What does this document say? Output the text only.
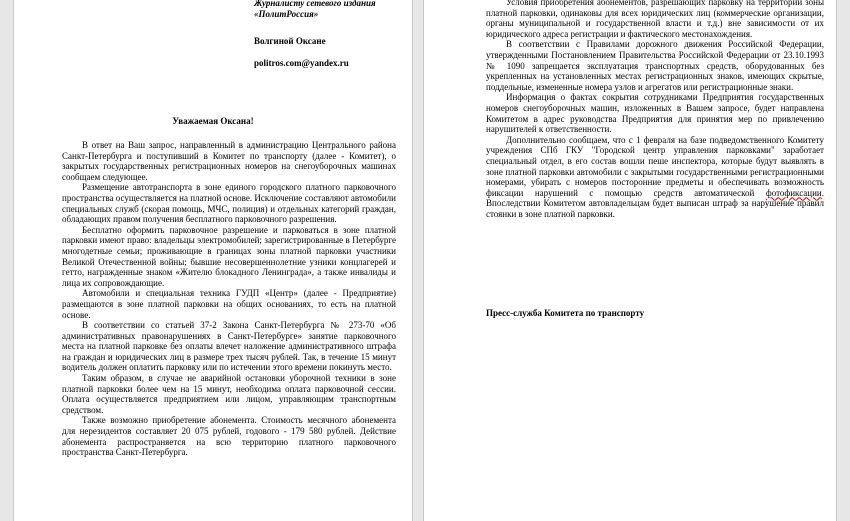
Журналисту сетевого издания
«ПолитРоссия»
Волгиной Оксане
politros.com@yandex.ru
Уважаемая Оксана!

В ответ на Ваш запрос, направленный в администрацию Центрального района Санкт-Петербурга и поступивший в Комитет по транспорту (далее - Комитет), о закрытых государственных регистрационных номеров на снегоуборочных машинах сообщаем следующее.

Размещение автотранспорта в зоне единого городского платного парковочного пространства осуществляется на платной основе. Исключение составляют автомобили специальных служб (скорая помощь, МЧС, полиция) и отдельных категорий граждан, обладающих правом получения бесплатного парковочного разрешения.

Бесплатно оформить парковочное разрешение и парковаться в зоне платной парковки имеют право: владельцы электромобилей; зарегистрированные в Петербурге многодетные семьи; проживающие в границах зоны платной парковки участники Великой Отечественной войны; бывшие несовершеннолетние узники концлагерей и гетто, награжденные знаком «Жителю блокадного Ленинграда», а также инвалиды и лица их сопровождающие.

Автомобили и специальная техника ГУДП «Центр» (далее - Предприятие) размещаются в зоне платной парковки на общих основаниях, то есть на платной основе.

В соответствии со статьей 37-2 Закона Санкт-Петербурга № 273-70 «Об административных правонарушениях в Санкт-Петербурге» занятие парковочного места на платной парковке без оплаты влечет наложение административного штрафа на граждан и юридических лиц в размере трех тысяч рублей. Так, в течение 15 минут водитель должен оплатить парковку или по истечении этого времени покинуть место.

Таким образом, в случае не аварийной остановки уборочной техники в зоне платной парковки более чем на 15 минут, необходима оплата парковочной сессии. Оплата осуществляется предприятием или лицом, управляющим транспортным средством.

Также возможно приобретение абонемента. Стоимость месячного абонемента для нерезидентов составляет 20 075 рублей, годового - 179 580 рублей. Действие абонемента распространяется на всю территорию платного парковочного пространства Санкт-Петербурга.

Условия приобретения абонементов, разрешающих парковку на территории зоны платной парковки, одинаковы для всех юридических лиц (коммерческие организации, органы муниципальной и государственной власти и т.д.) вне зависимости от их юридического адреса регистрации и фактического местонахождения.

В соответствии с Правилами дорожного движения Российской Федерации, утвержденными Постановлением Правительства Российской Федерации от 23.10.1993 № 1090 запрещается эксплуатация транспортных средств, оборудованных без укрепленных на установленных местах регистрационных знаков, имеющих скрытые, поддельные, измененные номера узлов и агрегатов или регистрационные знаки.

Информация о фактах сокрытия сотрудниками Предприятия государственных номеров снегоуборочных машин, изложенных в Вашем запросе, будет направлена Комитетом в адрес руководства Предприятия для принятия мер по привлечению нарушителей к ответственности.

Дополнительно сообщаем, что с 1 февраля на базе подведомственного Комитету учреждения СПб ГКУ "Городской центр управления парковками" заработает специальный отдел, в его состав вошли пеше инспектора, которые будут выявлять в зоне платной парковки автомобили с закрытыми государственными регистрационными номерами, убирать с номеров посторонние предметы и обеспечивать возможность фиксации нарушений с помощью средств автоматической фотофиксации. Впоследствии Комитетом автовладельцам будет выписан штраф за нарушение правил стоянки в зоне платной парковки.

Пресс-служба Комитета по транспорту
